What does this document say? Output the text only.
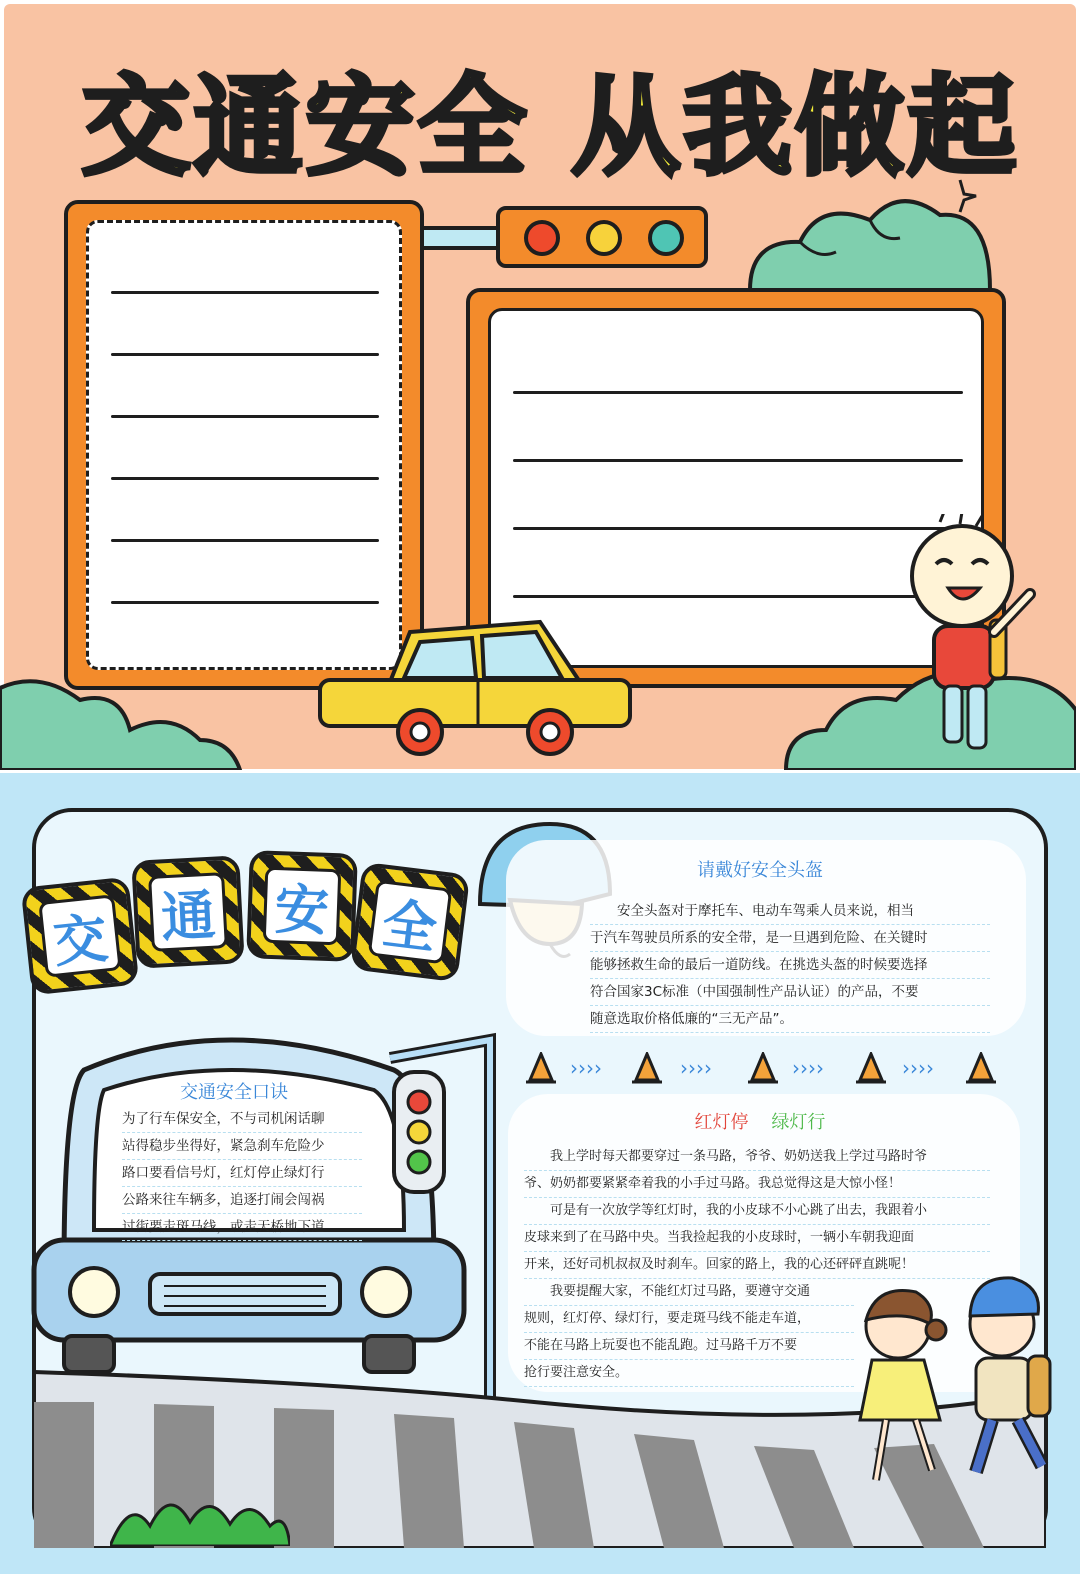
交通安全 从我做起
CKT.CN
交 通 安 全
请戴好安全头盔

安全头盔对于摩托车、电动车驾乘人员来说，相当

于汽车驾驶员所系的安全带，是一旦遇到危险、在关键时

能够拯救生命的最后一道防线。在挑选头盔的时候要选择

符合国家3C标准（中国强制性产品认证）的产品，不要

随意选取价格低廉的“三无产品”。

››››	››››	››››	››››
交通安全口诀

为了行车保安全，不与司机闲话聊

站得稳步坐得好，紧急刹车危险少

路口要看信号灯，红灯停止绿灯行

公路来往车辆多，追逐打闹会闯祸

过街要走斑马线，或走天桥地下道

红灯停 绿灯行

我上学时每天都要穿过一条马路，爷爷、奶奶送我上学过马路时爷

爷、奶奶都要紧紧牵着我的小手过马路。我总觉得这是大惊小怪！

可是有一次放学等红灯时，我的小皮球不小心跳了出去，我跟着小

皮球来到了在马路中央。当我捡起我的小皮球时，一辆小车朝我迎面

开来，还好司机叔叔及时刹车。回家的路上，我的心还砰砰直跳呢！

我要提醒大家，不能红灯过马路，要遵守交通

规则，红灯停、绿灯行，要走斑马线不能走车道，

不能在马路上玩耍也不能乱跑。过马路千万不要

抢行要注意安全。
